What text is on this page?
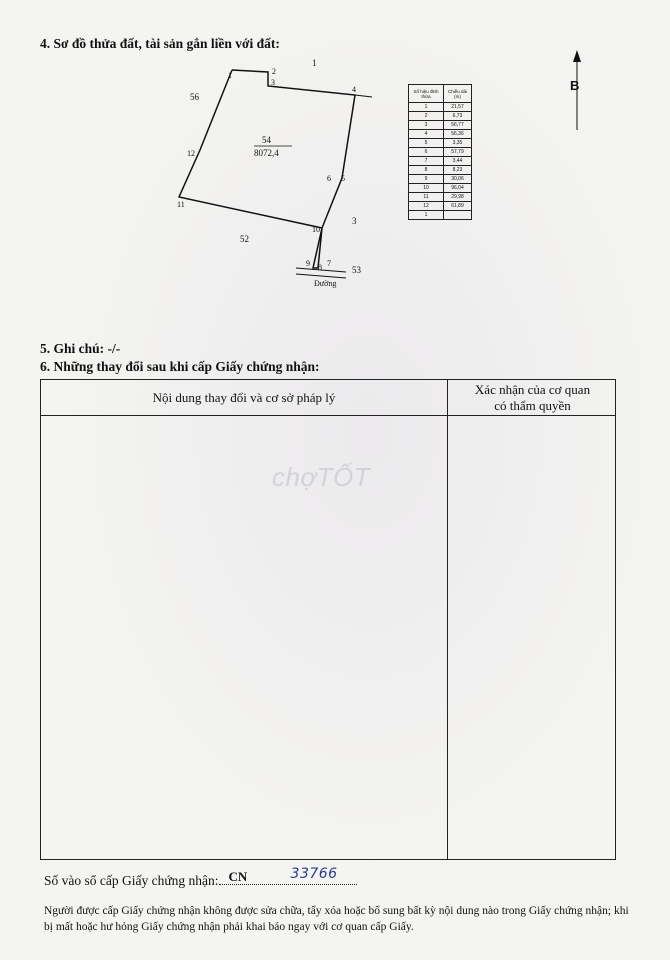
4. Sơ đồ thửa đất, tài sản gắn liền với đất:
B
1	2
3
4
5
6
7
8
9
10
11
12
54
8072,4
1
56
52
3
53
Đường
Số hiệu đỉnh thửa	Chiều dài (m)
1	21,57
2	6,73
3	56,77
4	56,36
5	3,35
6	57,79
7	3,44
8	8,23
9	30,06
10	96,04
11	29,98
12	61,89
1	
5. Ghi chú: -/-
6. Những thay đổi sau khi cấp Giấy chứng nhận:
Nội dung thay đổi và cơ sở pháp lý
Xác nhận của cơ quan
có thẩm quyền
chợTỐT
Số vào sổ cấp Giấy chứng nhận: CN	33766
Người được cấp Giấy chứng nhận không được sửa chữa, tẩy xóa hoặc bổ sung bất kỳ nội dung nào trong Giấy chứng nhận; khi bị mất hoặc hư hỏng Giấy chứng nhận phải khai báo ngay với cơ quan cấp Giấy.
